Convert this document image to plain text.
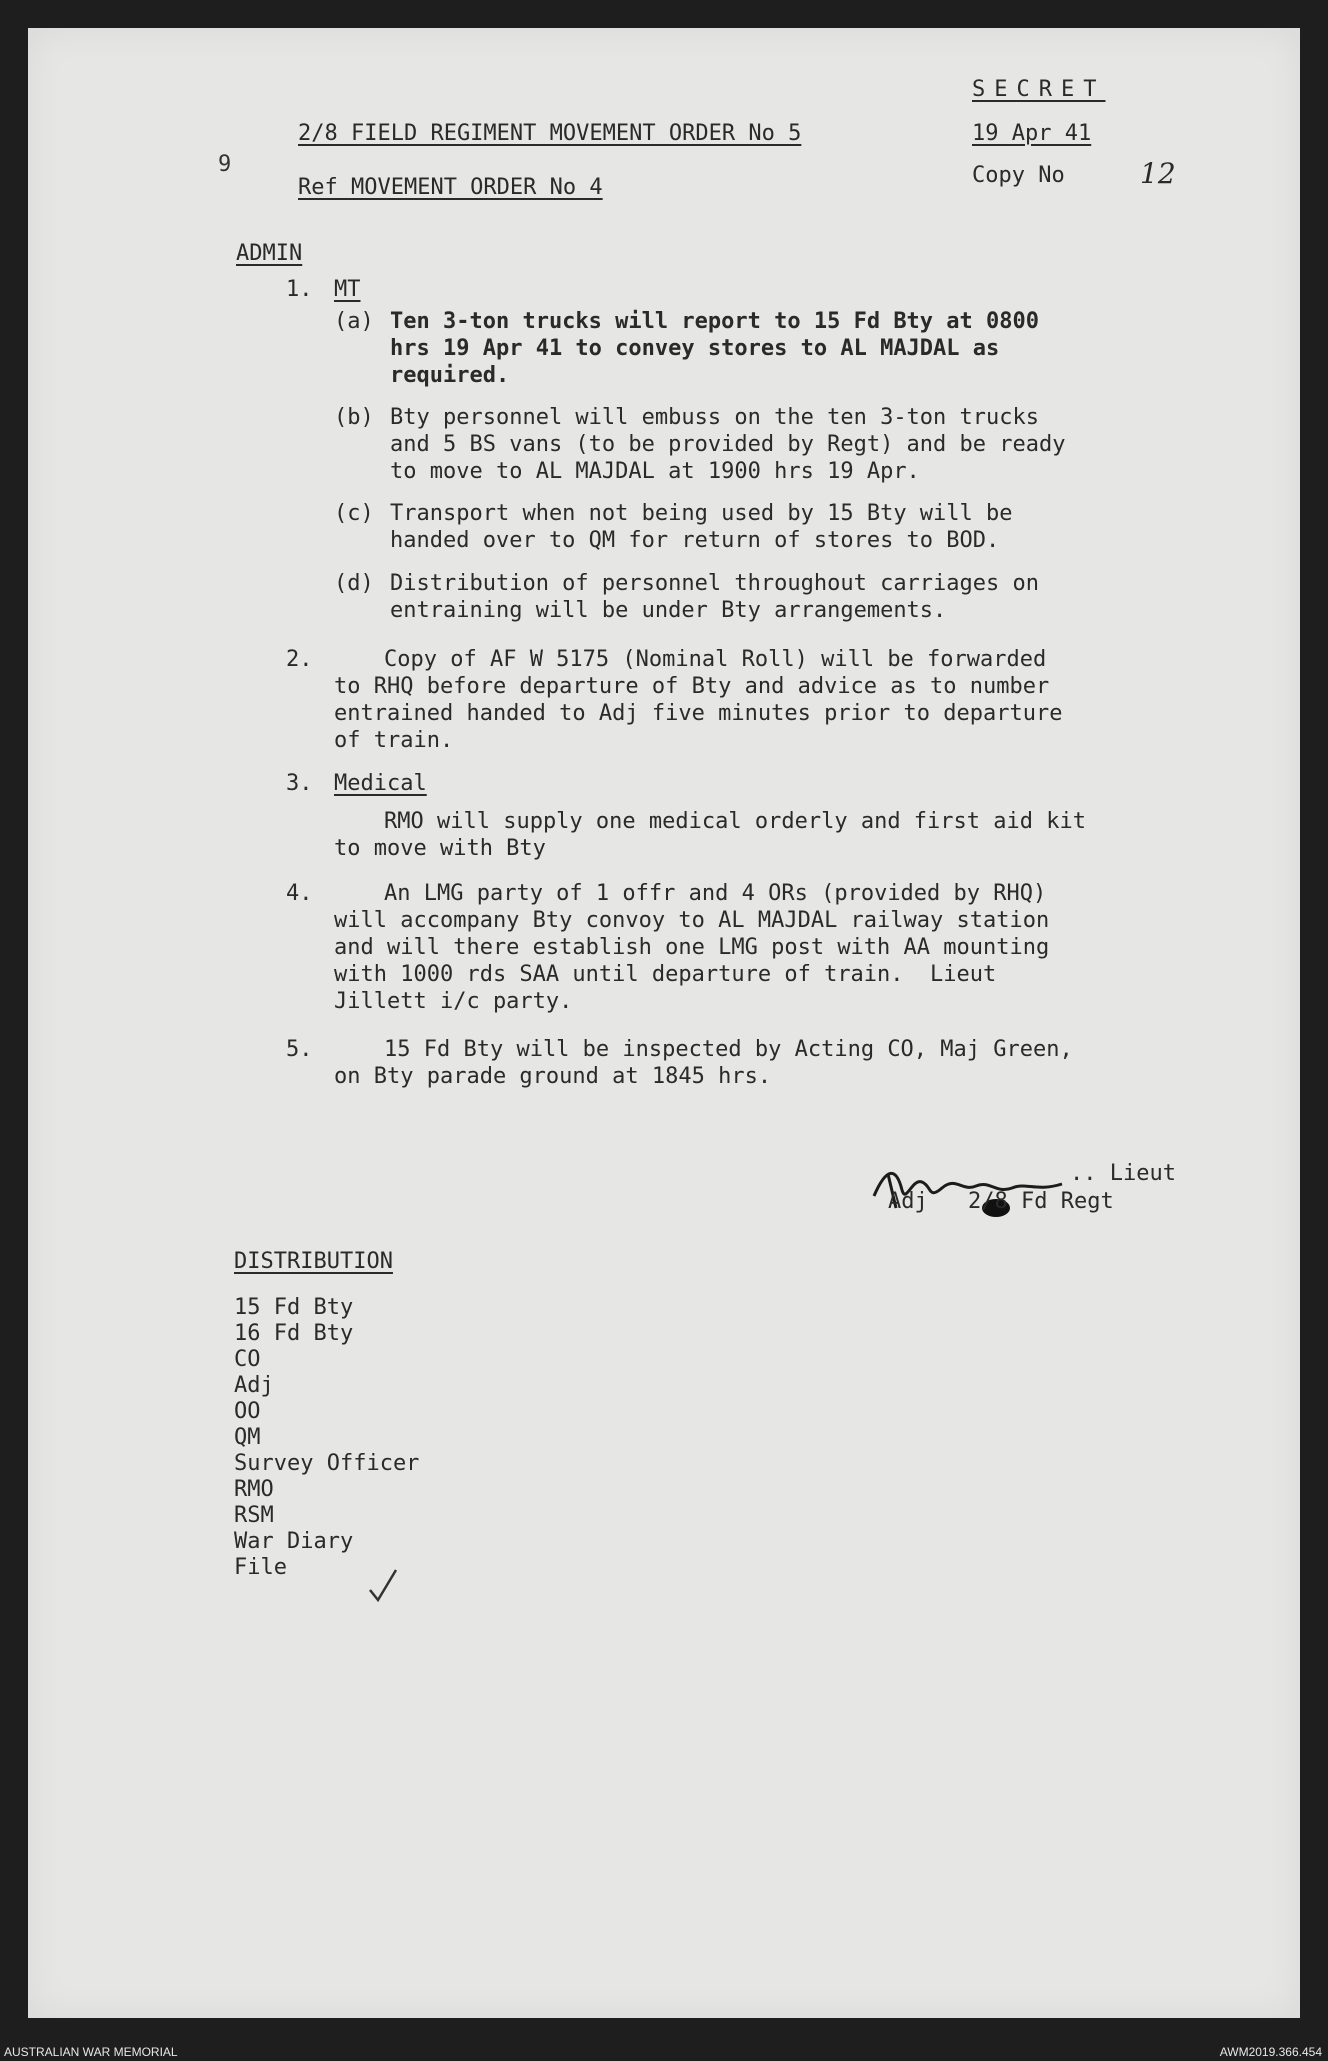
9
SECRET
2/8 FIELD REGIMENT MOVEMENT ORDER No 5	19 Apr 41
Ref MOVEMENT ORDER No 4	Copy No	12
ADMIN
1. MT
(a) Ten 3-ton trucks will report to 15 Fd Bty at 0800
hrs 19 Apr 41 to convey stores to AL MAJDAL as
required.
(b) Bty personnel will embuss on the ten 3-ton trucks
and 5 BS vans (to be provided by Regt) and be ready
to move to AL MAJDAL at 1900 hrs 19 Apr.
(c) Transport when not being used by 15 Bty will be
handed over to QM for return of stores to BOD.
(d) Distribution of personnel throughout carriages on
entraining will be under Bty arrangements.
2.	Copy of AF W 5175 (Nominal Roll) will be forwarded
to RHQ before departure of Bty and advice as to number
entrained handed to Adj five minutes prior to departure
of train.
3. Medical
RMO will supply one medical orderly and first aid kit
to move with Bty
4.	An LMG party of 1 offr and 4 ORs (provided by RHQ)
will accompany Bty convoy to AL MAJDAL railway station
and will there establish one LMG post with AA mounting
with 1000 rds SAA until departure of train.  Lieut
Jillett i/c party.
5.	15 Fd Bty will be inspected by Acting CO, Maj Green,
on Bty parade ground at 1845 hrs.
.. Lieut
Adj 2/8 Fd Regt
DISTRIBUTION
15 Fd Bty
16 Fd Bty
CO
Adj
OO
QM
Survey Officer
RMO
RSM
War Diary
File
AUSTRALIAN WAR MEMORIAL	AWM2019.366.454
